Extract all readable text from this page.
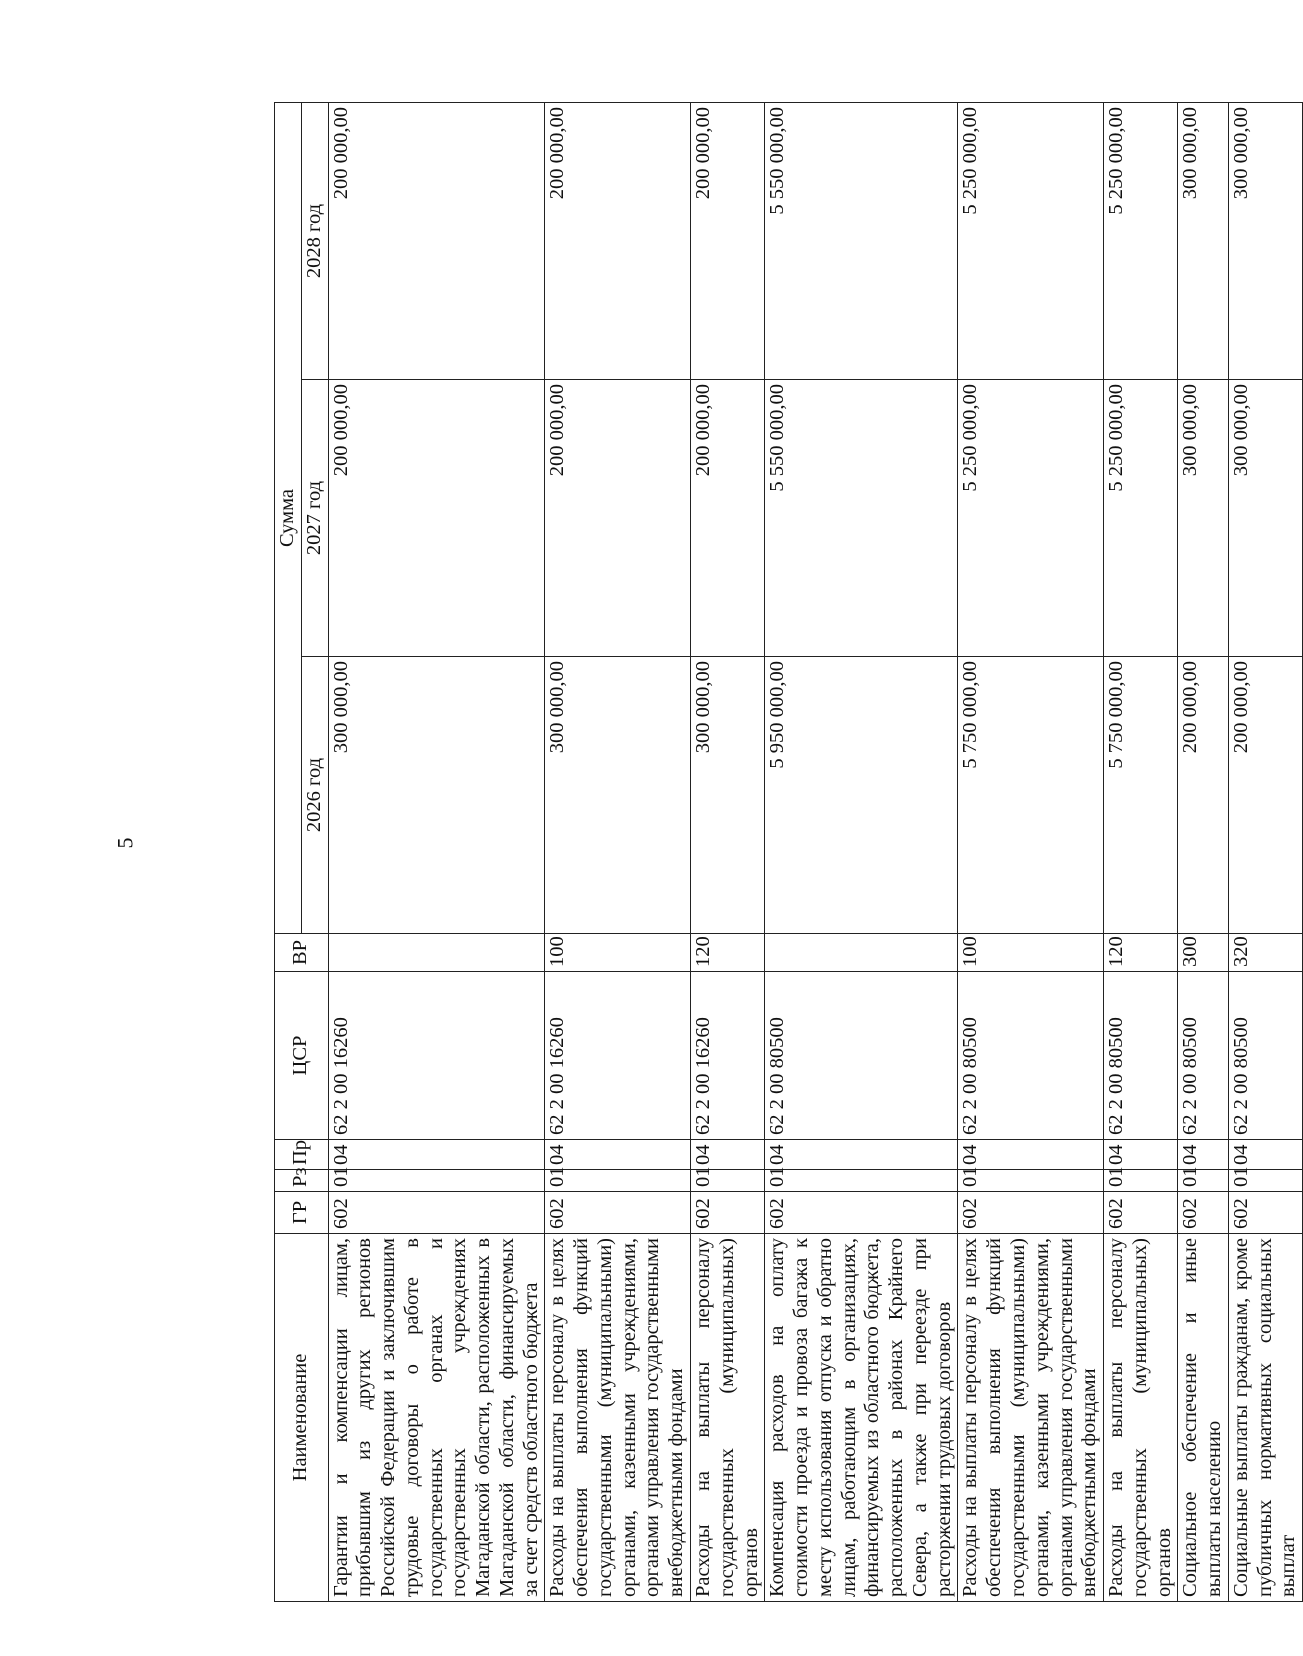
5
Наименование	ГР	Рз	Пр	ЦСР	ВР	Сумма		
						2026 год	2027 год	2028 год
Гарантии и компенсации лицам, прибывшим из других регионов Российской Федерации и заключившим трудовые договоры о работе в государственных органах и государственных учреждениях Магаданской области, расположенных в Магаданской области, финансируемых за счет средств областного бюджета	602	01	04	62 2 00 16260		300 000,00	200 000,00	200 000,00
Расходы на выплаты персоналу в целях обеспечения выполнения функций государственными (муниципальными) органами, казенными учреждениями, органами управления государственными внебюджетными фондами	602	01	04	62 2 00 16260	100	300 000,00	200 000,00	200 000,00
Расходы на выплаты персоналу государственных (муниципальных) органов	602	01	04	62 2 00 16260	120	300 000,00	200 000,00	200 000,00
Компенсация расходов на оплату стоимости проезда и провоза багажа к месту использования отпуска и обратно лицам, работающим в организациях, финансируемых из областного бюджета, расположенных в районах Крайнего Севера, а также при переезде при расторжении трудовых договоров	602	01	04	62 2 00 80500		5 950 000,00	5 550 000,00	5 550 000,00
Расходы на выплаты персоналу в целях обеспечения выполнения функций государственными (муниципальными) органами, казенными учреждениями, органами управления государственными внебюджетными фондами	602	01	04	62 2 00 80500	100	5 750 000,00	5 250 000,00	5 250 000,00
Расходы на выплаты персоналу государственных (муниципальных) органов	602	01	04	62 2 00 80500	120	5 750 000,00	5 250 000,00	5 250 000,00
Социальное обеспечение и иные выплаты населению	602	01	04	62 2 00 80500	300	200 000,00	300 000,00	300 000,00
Социальные выплаты гражданам, кроме публичных нормативных социальных выплат	602	01	04	62 2 00 80500	320	200 000,00	300 000,00	300 000,00
